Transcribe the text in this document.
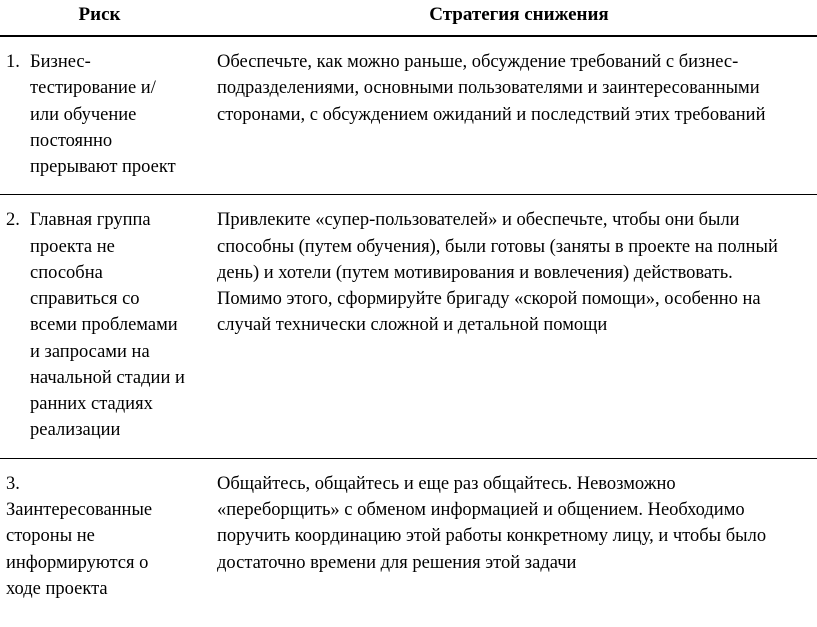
Риск	Стратегия снижения

1. Бизнес-тестирование и/или обучение постоянно прерывают проект	Обеспечьте, как можно раньше, обсуждение требований с бизнес-подразделениями, основными пользователями и заинтересованными сторонами, с обсуждением ожиданий и последствий этих требований

2. Главная группа проекта не способна справиться со всеми проблемами и запросами на начальной стадии и ранних стадиях реализации	Привлеките «супер-пользователей» и обеспечьте, чтобы они были способны (путем обучения), были готовы (заняты в проекте на полный день) и хотели (путем мотивирования и вовлечения) действовать. Помимо этого, сформируйте бригаду «скорой помощи», особенно на случай технически сложной и детальной помощи

3.
Заинтересованные стороны не информируются о ходе проекта	Общайтесь, общайтесь и еще раз общайтесь. Невозможно «переборщить» с обменом информацией и общением. Необходимо поручить координацию этой работы конкретному лицу, и чтобы было достаточно времени для решения этой задачи
